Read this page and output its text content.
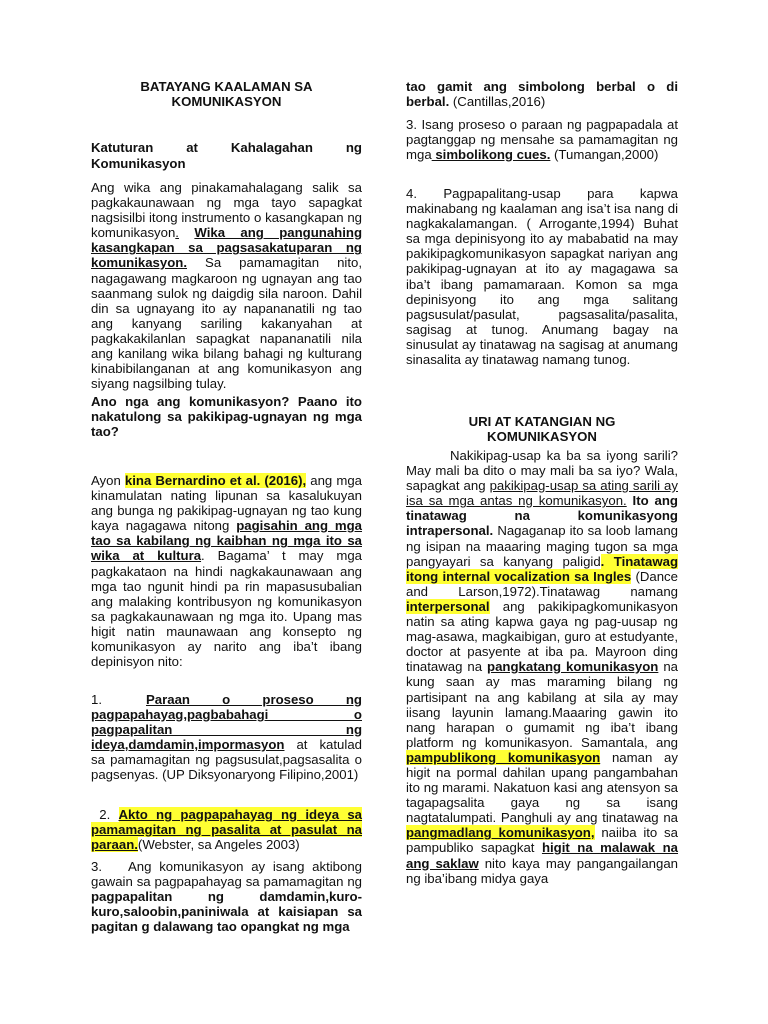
BATAYANG KAALAMAN SA
KOMUNIKASYON
Katuturan at Kahalagahan ng
Komunikasyon
Ang wika ang pinakamahalagang salik sa pagkakaunawaan ng mga tayo sapagkat nagsisilbi itong instrumento o kasangkapan ng komunikasyon. Wika ang pangunahing kasangkapan sa pagsasakatuparan ng komunikasyon. Sa pamamagitan nito, nagagawang magkaroon ng ugnayan ang tao saanmang sulok ng daigdig sila naroon. Dahil din sa ugnayang ito ay napananatili ng tao ang kanyang sariling kakanyahan at pagkakakilanlan sapagkat napananatili nila ang kanilang wika bilang bahagi ng kulturang kinabibilanganan at ang komunikasyon ang siyang nagsilbing tulay.
Ano nga ang komunikasyon? Paano ito nakatulong sa pakikipag-ugnayan ng mga tao?
Ayon kina Bernardino et al. (2016), ang mga kinamulatan nating lipunan sa kasalukuyan ang bunga ng pakikipag-ugnayan ng tao kung kaya nagagawa nitong pagisahin ang mga tao sa kabilang ng kaibhan ng mga ito sa wika at kultura. Bagama’ t may mga pagkakataon na hindi nagkakaunawaan ang mga tao ngunit hindi pa rin mapasusubalian ang malaking kontribusyon ng komunikasyon sa pagkakaunawaan ng mga ito. Upang mas higit natin maunawaan ang konsepto ng komunikasyon ay narito ang iba’t ibang depinisyon nito:
1.	Paraan o proseso ng pagpapahayag,pagbabahagi o pagpapalitan ng ideya,damdamin,impormasyon at katulad sa pamamagitan ng pagsusulat,pagsasalita o pagsenyas. (UP Diksyonaryong Filipino,2001)
2. Akto ng pagpapahayag ng ideya sa pamamagitan ng pasalita at pasulat na paraan.(Webster, sa Angeles 2003)
3. Ang komunikasyon ay isang aktibong gawain sa pagpapahayag sa pamamagitan ng pagpapalitan ng damdamin,kuro-kuro,saloobin,paniniwala at kaisiapan sa pagitan g dalawang tao opangkat ng mga
tao gamit ang simbolong berbal o di berbal. (Cantillas,2016)
3. Isang proseso o paraan ng pagpapadala at pagtanggap ng mensahe sa pamamagitan ng mga simbolikong cues. (Tumangan,2000)
4. Pagpapalitang-usap para kapwa makinabang ng kaalaman ang isa’t isa nang di nagkakalamangan. ( Arrogante,1994) Buhat sa mga depinisyong ito ay mababatid na may pakikipagkomunikasyon sapagkat nariyan ang pakikipag-ugnayan at ito ay magagawa sa iba’t ibang pamamaraan. Komon sa mga depinisyong ito ang mga salitang pagsusulat/pasulat, pagsasalita/pasalita, sagisag at tunog. Anumang bagay na sinusulat ay tinatawag na sagisag at anumang sinasalita ay tinatawag namang tunog.
URI AT KATANGIAN NG
KOMUNIKASYON
Nakikipag-usap ka ba sa iyong sarili? May mali ba dito o may mali ba sa iyo? Wala, sapagkat ang pakikipag-usap sa ating sarili ay isa sa mga antas ng komunikasyon. Ito ang tinatawag na komunikasyong intrapersonal. Nagaganap ito sa loob lamang ng isipan na maaaring maging tugon sa mga pangyayari sa kanyang paligid. Tinatawag itong internal vocalization sa Ingles (Dance and Larson,1972).Tinatawag namang interpersonal ang pakikipagkomunikasyon natin sa ating kapwa gaya ng pag-uusap ng mag-asawa, magkaibigan, guro at estudyante, doctor at pasyente at iba pa. Mayroon ding tinatawag na pangkatang komunikasyon na kung saan ay mas maraming bilang ng partisipant na ang kabilang at sila ay may iisang layunin lamang.Maaaring gawin ito nang harapan o gumamit ng iba’t ibang platform ng komunikasyon. Samantala, ang pampublikong komunikasyon naman ay higit na pormal dahilan upang pangambahan ito ng marami. Nakatuon kasi ang atensyon sa tagapagsalita gaya ng sa isang nagtatalumpati. Panghuli ay ang tinatawag na pangmadlang komunikasyon, naiiba ito sa pampubliko sapagkat higit na malawak na ang saklaw nito kaya may pangangailangan ng iba’ibang midya gaya
